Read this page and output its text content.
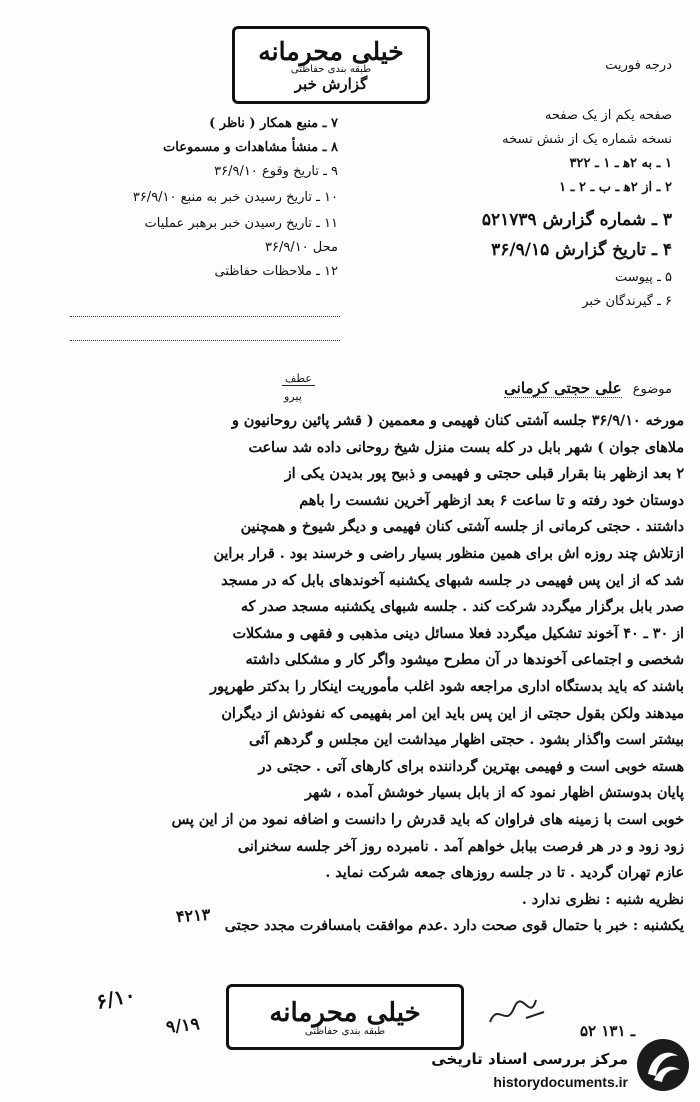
درجه فوریت
خیلی محرمانه
طبقه بندی حفاظتی
گزارش خبر
صفحه یکم از یک صفحه
نسخه شماره یک از شش نسخه
۱ ـ به ۲ه‍ ـ ۱ ـ ۳۲۲
۲ ـ از ۲ه‍ ـ ب ـ ۲ ـ ۱
۳ ـ شماره گزارش ۵۲۱۷۳۹
۴ ـ تاریخ گزارش ۳۶/۹/۱۵
۵ ـ پیوست
۶ ـ گیرندگان خبر
۷ ـ منبع همکار ( ناظر )
۸ ـ منشأ مشاهدات و مسموعات
۹ ـ تاریخ وقوع ۳۶/۹/۱۰
۱۰ ـ تاریخ رسیدن خبر به منبع ۳۶/۹/۱۰
۱۱ ـ تاریخ رسیدن خبر برهبر عملیات
محل ۳۶/۹/۱۰
۱۲ ـ ملاحظات حفاظتی
عطف
پیرو	موضوع علی حجتی کرمانی

مورخه ۳۶/۹/۱۰ جلسه آشتی کنان فهیمی و معممین ( قشر پائین روحانیون و

ملاهای جوان ) شهر بابل در کله بست منزل شیخ روحانی داده شد ساعت

۲ بعد ازظهر بنا بقرار قبلی حجتی و فهیمی و ذبیح پور بدیدن یکی از

دوستان خود رفته و تا ساعت ۶ بعد ازظهر آخرین نشست را باهم

داشتند . حجتی کرمانی از جلسه آشتی کنان فهیمی و دیگر شیوخ و همچنین

ازتلاش چند روزه اش برای همین منظور بسیار راضی و خرسند بود . قرار براین

شد که از این پس فهیمی در جلسه شبهای یکشنبه آخوندهای بابل که در مسجد

صدر بابل برگزار میگردد شرکت کند . جلسه شبهای یکشنبه مسجد صدر که

از ۳۰ ـ ۴۰ آخوند تشکیل میگردد فعلا مسائل دینی مذهبی و فقهی و مشکلات

شخصی و اجتماعی آخوندها در آن مطرح میشود واگر کار و مشکلی داشته

باشند که باید بدستگاه اداری مراجعه شود اغلب مأموریت اینکار را بدکتر طهرپور

میدهند ولکن بقول حجتی از این پس باید این امر بفهیمی که نفوذش از دیگران

بیشتر است واگذار بشود . حجتی اظهار میداشت این مجلس و گردهم آئی

هسته خوبی است و فهیمی بهترین گرداننده برای کارهای آتی . حجتی در

پایان بدوستش اظهار نمود که از بابل بسیار خوشش آمده ، شهر

خوبی است با زمینه های فراوان که باید قدرش را دانست و اضافه نمود من از این پس

زود زود و در هر فرصت ببابل خواهم آمد . نامبرده روز آخر جلسه سخنرانی

عازم تهران گردید . تا در جلسه روزهای جمعه شرکت نماید .

نظریه شنبه : نظری ندارد .

یکشنبه : خبر با حتمال قوی صحت دارد .عدم موافقت بامسافرت مجدد حجتی

۴۲۱۳
خیلی محرمانه
طبقه بندی حفاظتی
۶/۱۰
۹/۱۹	۵۲ ـ ۱۳۱
مرکز بررسی اسناد تاریخی
historydocuments.ir
